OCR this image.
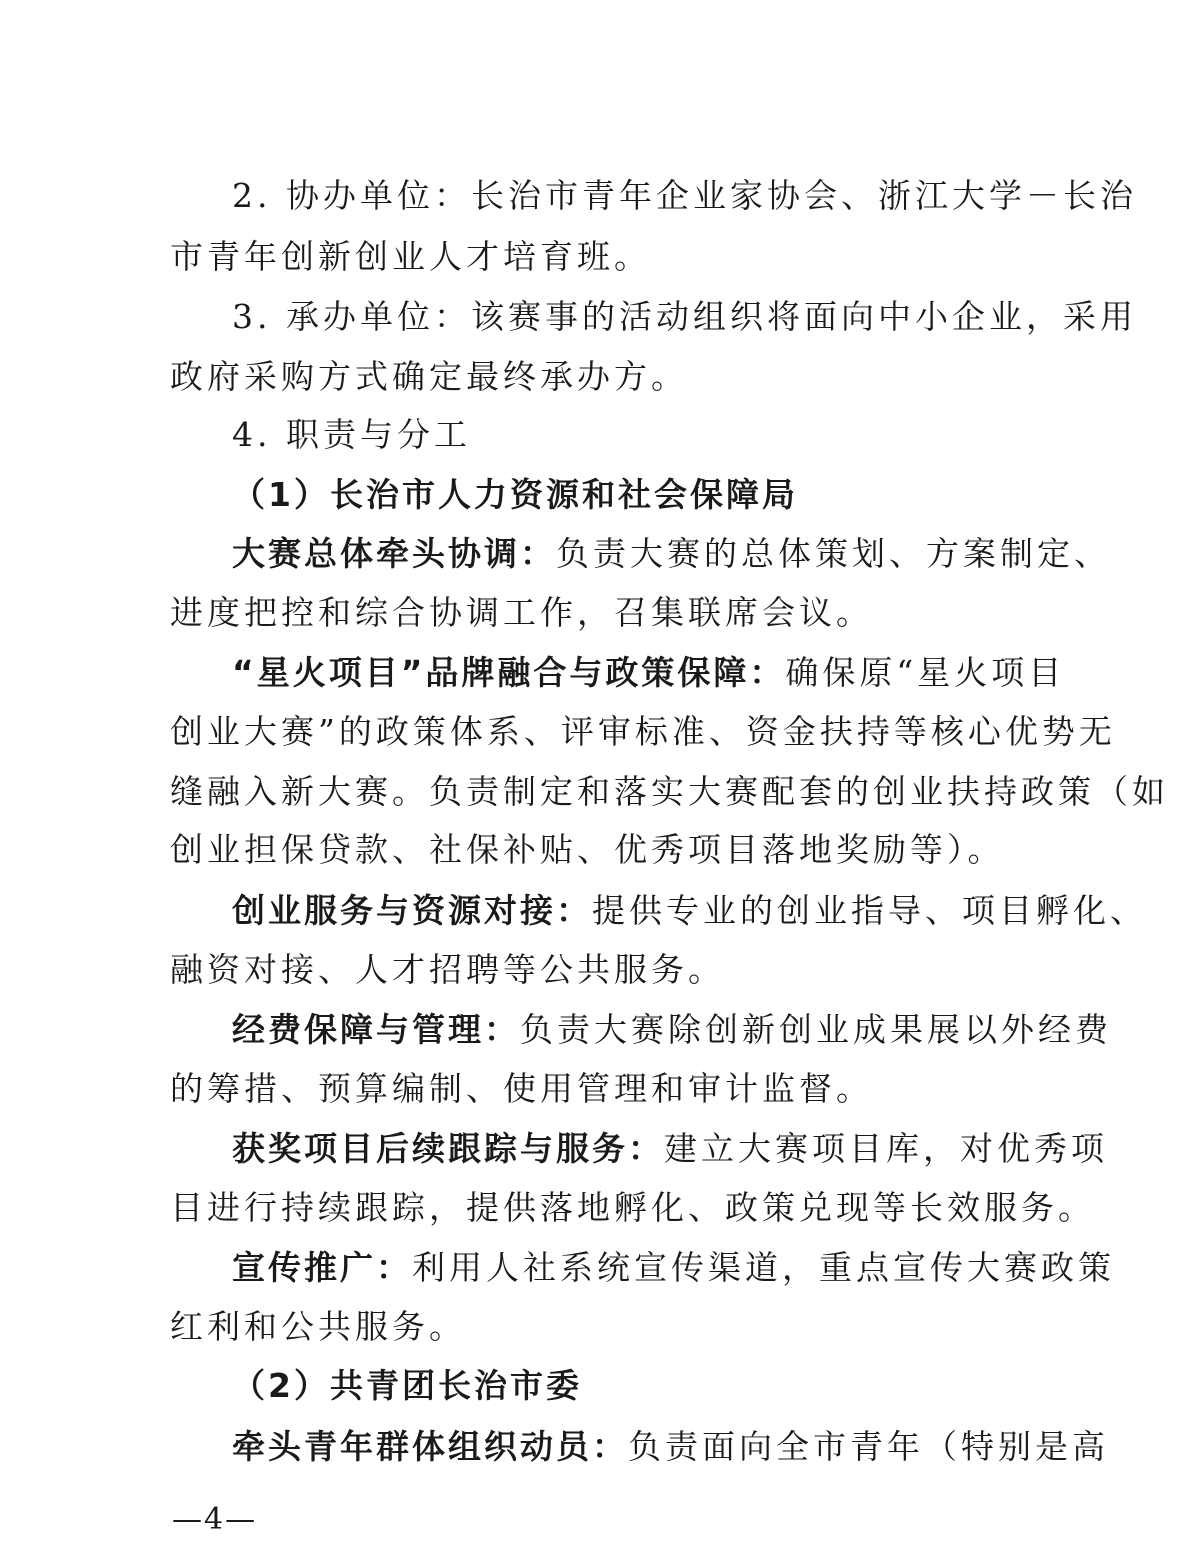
2. 协办单位：长治市青年企业家协会、浙江大学－长治
市青年创新创业人才培育班。
3. 承办单位：该赛事的活动组织将面向中小企业，采用
政府采购方式确定最终承办方。
4. 职责与分工
（1）长治市人力资源和社会保障局
大赛总体牵头协调：负责大赛的总体策划、方案制定、
进度把控和综合协调工作，召集联席会议。
“星火项目”品牌融合与政策保障：确保原“星火项目
创业大赛”的政策体系、评审标准、资金扶持等核心优势无
缝融入新大赛。负责制定和落实大赛配套的创业扶持政策（如
创业担保贷款、社保补贴、优秀项目落地奖励等）。
创业服务与资源对接：提供专业的创业指导、项目孵化、
融资对接、人才招聘等公共服务。
经费保障与管理：负责大赛除创新创业成果展以外经费
的筹措、预算编制、使用管理和审计监督。
获奖项目后续跟踪与服务：建立大赛项目库，对优秀项
目进行持续跟踪，提供落地孵化、政策兑现等长效服务。
宣传推广：利用人社系统宣传渠道，重点宣传大赛政策
红利和公共服务。
（2）共青团长治市委
牵头青年群体组织动员：负责面向全市青年（特别是高
—4—
